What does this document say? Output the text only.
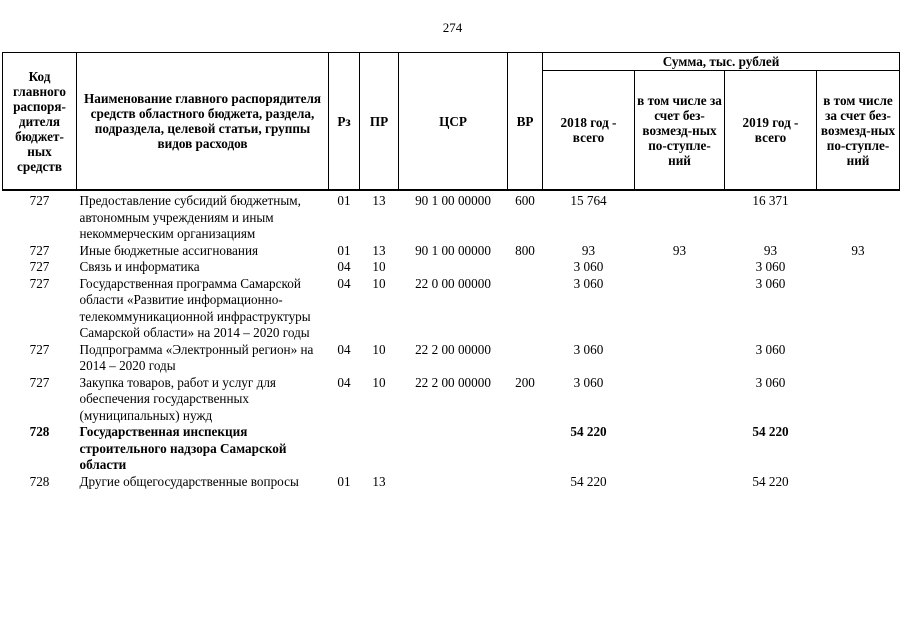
274
Код главного распоря-дителя бюджет-ных средств	Наименование главного распорядителя средств областного бюджета, раздела, подраздела, целевой статьи, группы видов расходов	Рз	ПР	ЦСР	ВР	Сумма, тыс. рублей			
						2018 год - всего	в том числе за счет без-возмезд-ных по-ступле-ний	2019 год - всего	в том числе за счет без-возмезд-ных по-ступле-ний
727	Предоставление субсидий бюджетным, автономным учреждениям и иным некоммерческим организациям	01	13	90 1 00 00000	600	15 764		16 371	
727	Иные бюджетные ассигнования	01	13	90 1 00 00000	800	93	93	93	93
727	Связь и информатика	04	10			3 060		3 060	
727	Государственная программа Самарской области «Развитие информационно-телекоммуникационной инфраструктуры Самарской области» на 2014 – 2020 годы	04	10	22 0 00 00000		3 060		3 060	
727	Подпрограмма «Электронный регион» на 2014 – 2020 годы	04	10	22 2 00 00000		3 060		3 060	
727	Закупка товаров, работ и услуг для обеспечения государственных (муниципальных) нужд	04	10	22 2 00 00000	200	3 060		3 060	
728	Государственная инспекция строительного надзора Самарской области					54 220		54 220	
728	Другие общегосударственные вопросы	01	13			54 220		54 220	
